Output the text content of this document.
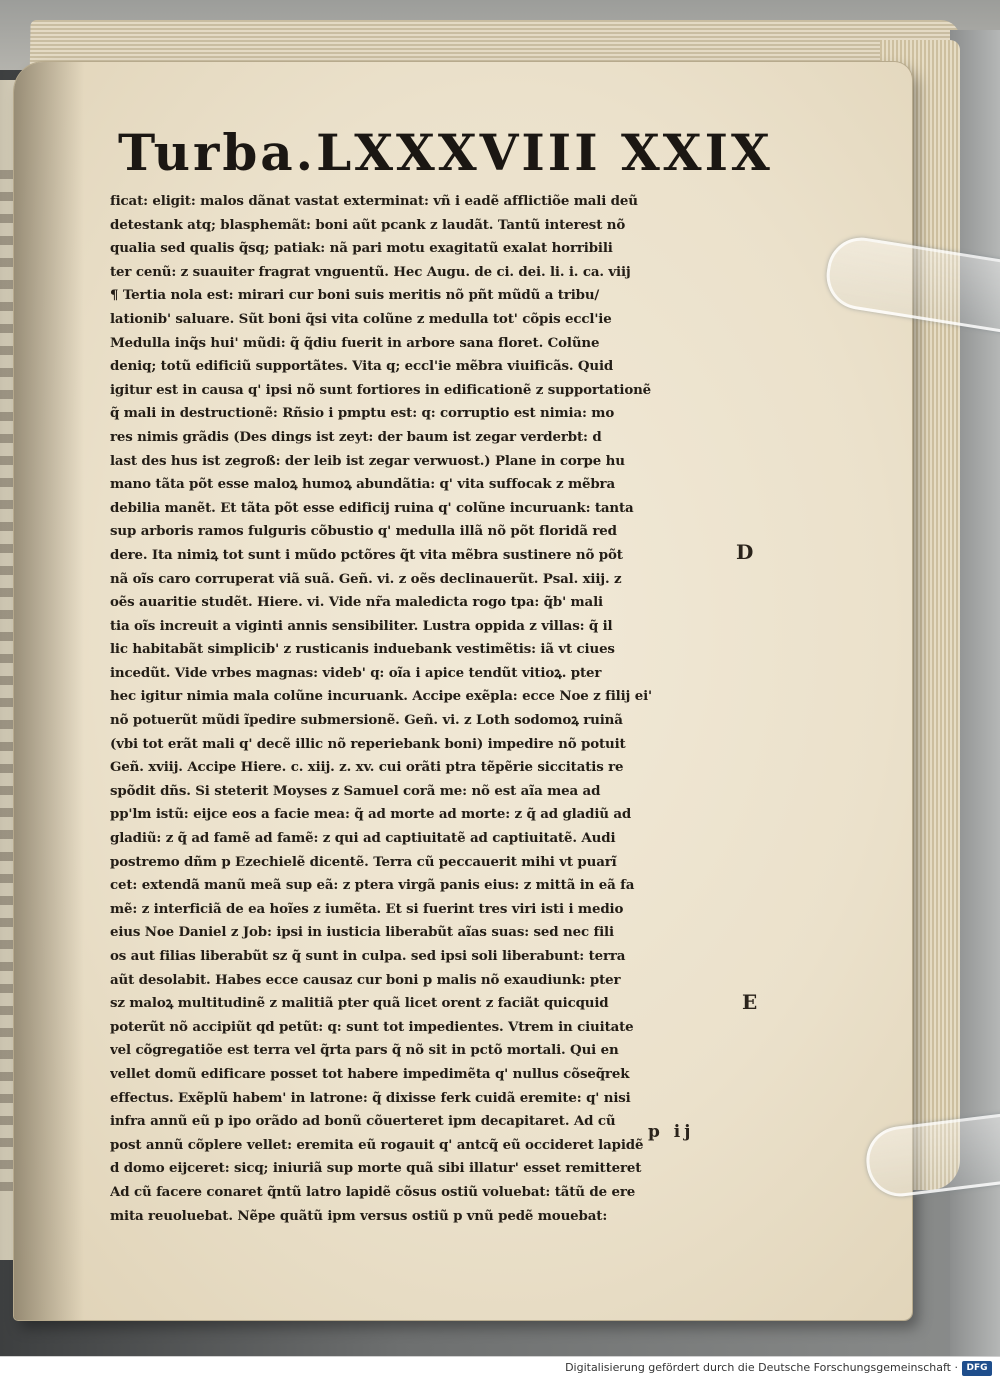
Turba.LXXXVIII XXIX
ficat: eligit: malos dãnat vastat exterminat: vñ i eadẽ afflictiõe mali deũ
detestank atq; blasphemãt: boni aũt pcank z laudãt. Tantũ interest nõ
qualia sed qualis q̃sq; patiak: nã pari motu exagitatũ exalat horribili
ter cenũ: z suauiter fragrat vnguentũ. Hec Augu. de ci. dei. li. i. ca. viij
¶ Tertia nola est: mirari cur boni suis meritis nõ pñt mũdũ a tribu/
lationib' saluare. Sũt boni q̃si vita colũne z medulla tot' cõpis eccl'ie
Medulla inq̃s hui' mũdi: q̃ q̃diu fuerit in arbore sana floret. Colũne
deniq; totũ edificiũ supportãtes. Vita q; eccl'ie mẽbra viuificãs. Quid
igitur est in causa q' ipsi nõ sunt fortiores in edificationẽ z supportationẽ
q̃ mali in destructionẽ: Rñsio i pmptu est: q: corruptio est nimia: mo
res nimis grãdis (Des dings ist zeyt: der baum ist zegar verderbt: d
last des hus ist zegroß: der leib ist zegar verwuost.) Plane in corpe hu
mano tãta põt esse maloꝝ humoꝝ abundãtia: q' vita suffocak z mẽbra
debilia manẽt. Et tãta põt esse edificij ruina q' colũne incuruank: tanta
sup arboris ramos fulguris cõbustio q' medulla illã nõ põt floridã red
dere. Ita nimiꝝ tot sunt i mũdo pctõres q̃t vita mẽbra sustinere nõ põt
nã oĩs caro corruperat viã suã. Geñ. vi. z oẽs declinauerũt. Psal. xiij. z
oẽs auaritie studẽt. Hiere. vi. Vide nr̃a maledicta rogo tpa: q̃b' mali
tia oĩs increuit a viginti annis sensibiliter. Lustra oppida z villas: q̃ il
lic habitabãt simplicib' z rusticanis induebank vestimẽtis: iã vt ciues
incedũt. Vide vrbes magnas: videb' q: oĩa i apice tendũt vitioꝝ. pter
hec igitur nimia mala colũne incuruank. Accipe exẽpla: ecce Noe z filij ei'
nõ potuerũt mũdi ĩpedire submersionẽ. Geñ. vi. z Loth sodomoꝝ ruinã
(vbi tot erãt mali q' decẽ illic nõ reperiebank boni) impedire nõ potuit
Geñ. xviij. Accipe Hiere. c. xiij. z. xv. cui orãti ptra tẽpẽrie siccitatis re
spõdit dñs. Si steterit Moyses z Samuel corã me: nõ est aĩa mea ad
pp'lm istũ: eijce eos a facie mea: q̃ ad morte ad morte: z q̃ ad gladiũ ad
gladiũ: z q̃ ad famẽ ad famẽ: z qui ad captiuitatẽ ad captiuitatẽ. Audi
postremo dñm p Ezechielẽ dicentẽ. Terra cũ peccauerit mihi vt puarĩ
cet: extendã manũ meã sup eã: z ptera virgã panis eius: z mittã in eã fa
mẽ: z interficiã de ea hoĩes z iumẽta. Et si fuerint tres viri isti i medio
eius Noe Daniel z Job: ipsi in iusticia liberabũt aĩas suas: sed nec fili
os aut filias liberabũt sz q̃ sunt in culpa. sed ipsi soli liberabunt: terra
aũt desolabit. Habes ecce causaz cur boni p malis nõ exaudiunk: pter
sz maloꝝ multitudinẽ z malitiã pter quã licet orent z faciãt quicquid
poterũt nõ accipiũt qd petũt: q: sunt tot impedientes. Vtrem in ciuitate
vel cõgregatiõe est terra vel q̃rta pars q̃ nõ sit in pctõ mortali. Qui en
vellet domũ edificare posset tot habere impedimẽta q' nullus cõseq̃rek
effectus. Exẽplũ habem' in latrone: q̃ dixisse ferk cuidã eremite: q' nisi
infra annũ eũ p ipo orãdo ad bonũ cõuerteret ipm decapitaret. Ad cũ
post annũ cõplere vellet: eremita eũ rogauit q' antcq̃ eũ occideret lapidẽ
d domo eijceret: sicq; iniuriã sup morte quã sibi illatur' esset remitteret
Ad cũ facere conaret q̃ntũ latro lapidẽ cõsus ostiũ voluebat: tãtũ de ere
mita reuoluebat. Nẽpe quãtũ ipm versus ostiũ p vnũ pedẽ mouebat:

D

E

p ij

Digitalisierung gefördert durch die Deutsche Forschungsgemeinschaft · DFG
